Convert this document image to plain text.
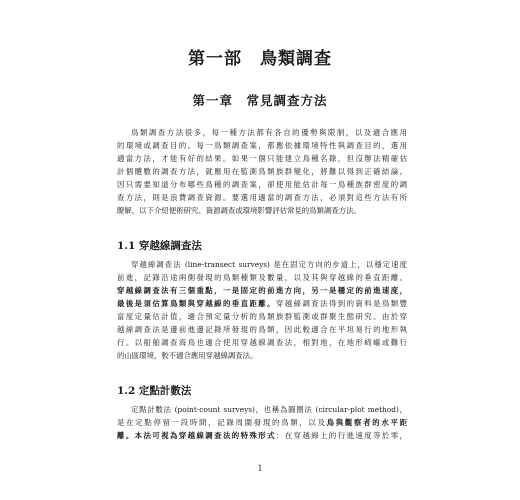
第一部　鳥類調查
第一章　常見調查方法
鳥類調查方法很多，每一種方法都有各自的優勢與限制，以及適合應用
的環境或調查目的。每一鳥類調查案，都應依據環境特性與調查目的，選用
適當方法，才能有好的結果。如果一個只能建立鳥種名錄，但沒辦法精確估
計個體數的調查方法，就應用在監測鳥類族群變化，將難以得到正確結論。
因只需要知道分布哪些鳥種的調查案，卻使用能估計每一鳥種族群密度的調
查方法，則是浪費調查資源。要選用適當的調查方法，必須對這些方法有所
瞭解，以下介紹便術研究、資源調查或環境影響評估常見的鳥類調查方法。
1.1 穿越線調查法
穿越線調查法 (line-transect surveys) 是在固定方向的步道上，以穩定速度
前進，記錄沿途兩側發現的鳥類種類及數量，以及其與穿越線的垂直距離。
穿越線調查法有三個重點，一是固定的前進方向，另一是穩定的前進速度，
最後是須估算鳥類與穿越線的垂直距離。穿越線調查法得到的資料是鳥類豐
富度定量估計值，適合預定量分析的鳥類族群監測或群聚生態研究。由於穿
越線調查法是邊前進邊記錄所發現的鳥類，因此較適合在平坦易行的地形執
行。以船舶調查海鳥也適合使用穿越線調查法，相對地，在地形崎嶇或難行
的山區環境，較不適合應用穿越線調查法。
1.2 定點計數法
定點計數法 (point-count surveys)，也稱為圓圈法 (circular-plot method)，
是在定點停留一段時間，記錄周圍發現的鳥類，以及鳥與觀察者的水平距
離。本法可視為穿越線調查法的特殊形式：在穿越線上的行進速度等於零，
1
